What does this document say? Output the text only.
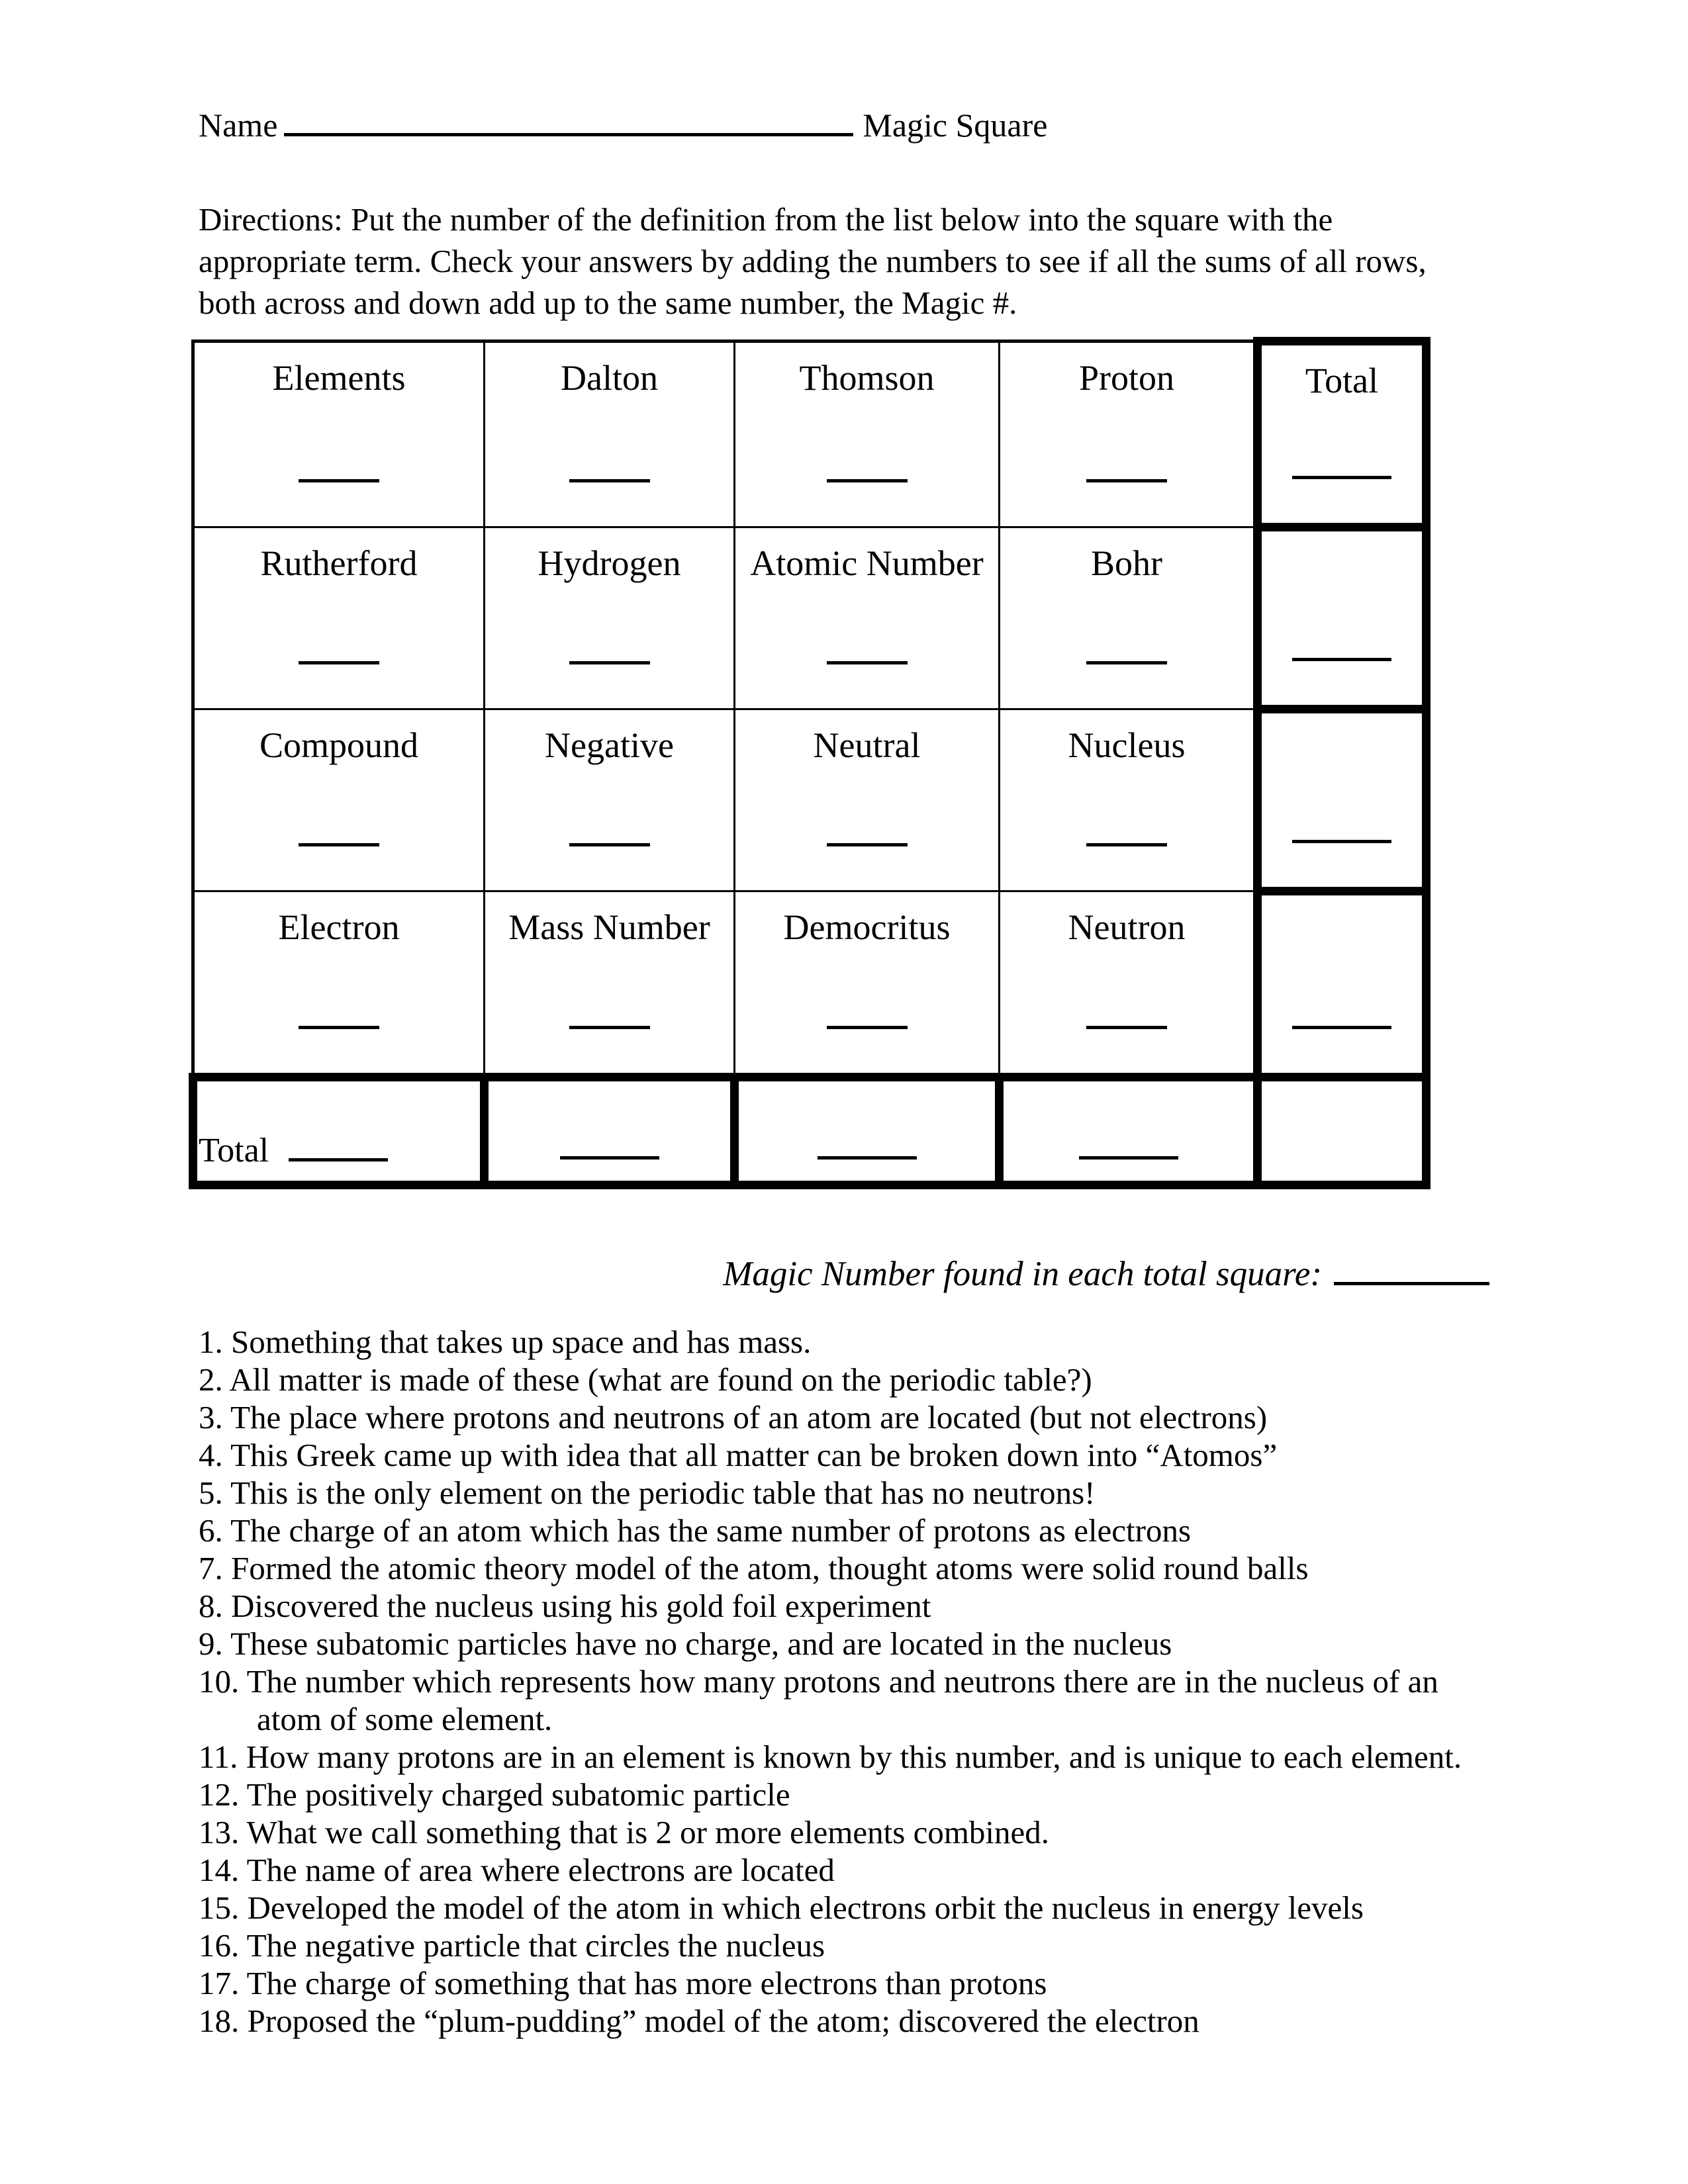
Name	Magic Square
Directions: Put the number of the definition from the list below into the square with the appropriate term. Check your answers by adding the numbers to see if all the sums of all rows, both across and down add up to the same number, the Magic #.
Elements	Dalton	Thomson	Proton	Total

Rutherford	Hydrogen	Atomic Number	Bohr	

Compound	Negative	Neutral	Nucleus	

Electron	Mass Number	Democritus	Neutron	

Total				

Magic Number found in each total square:
1. Something that takes up space and has mass.
2. All matter is made of these (what are found on the periodic table?)
3. The place where protons and neutrons of an atom are located (but not electrons)
4. This Greek came up with idea that all matter can be broken down into “Atomos”
5. This is the only element on the periodic table that has no neutrons!
6. The charge of an atom which has the same number of protons as electrons
7. Formed the atomic theory model of the atom, thought atoms were solid round balls
8. Discovered the nucleus using his gold foil experiment
9. These subatomic particles have no charge, and are located in the nucleus
10. The number which represents how many protons and neutrons there are in the nucleus of an atom of some element.
11. How many protons are in an element is known by this number, and is unique to each element.
12. The positively charged subatomic particle
13. What we call something that is 2 or more elements combined.
14. The name of area where electrons are located
15. Developed the model of the atom in which electrons orbit the nucleus in energy levels
16. The negative particle that circles the nucleus
17. The charge of something that has more electrons than protons
18. Proposed the “plum-pudding” model of the atom; discovered the electron
